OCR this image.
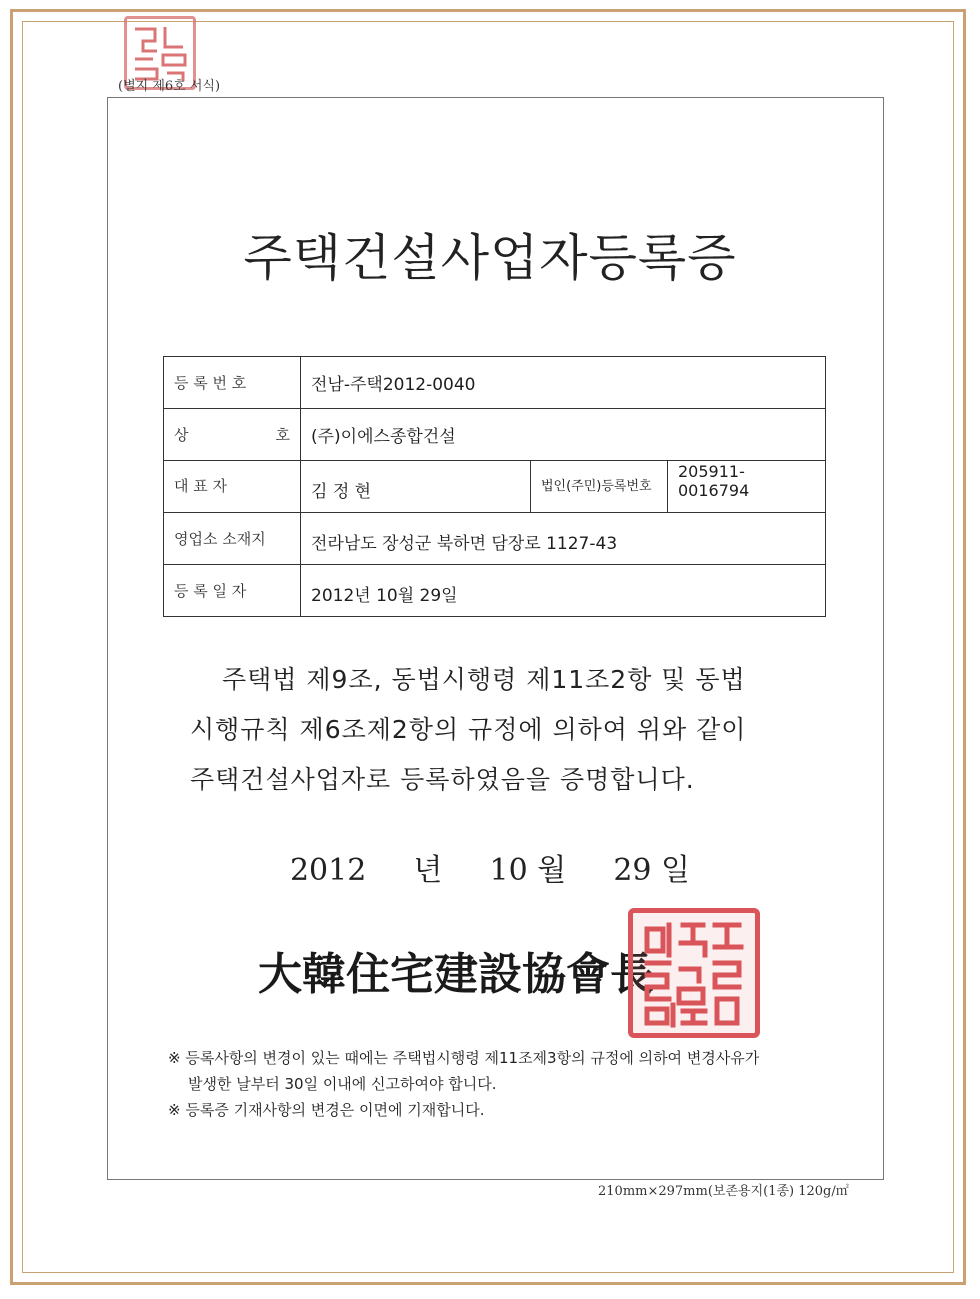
(별지 제6호 서식)
주택건설사업자등록증
등 록 번 호	전남-주택2012-0040		

상 호	(주)이에스종합건설		
대 표 자	김 정 현	법인(주민)등록번호	205911-0016794
영업소 소재지	전라남도 장성군 북하면 담장로 1127-43		
등 록 일 자	2012년 10월 29일		

주택법 제9조, 동법시행령 제11조2항 및 동법

시행규칙 제6조제2항의 규정에 의하여 위와 같이

주택건설사업자로 등록하였음을 증명합니다.

2012 년 10 월 29 일
大韓住宅建設協會長
※ 등록사항의 변경이 있는 때에는 주택법시행령 제11조제3항의 규정에 의하여 변경사유가
발생한 날부터 30일 이내에 신고하여야 합니다.
※ 등록증 기재사항의 변경은 이면에 기재합니다.
210mm×297mm(보존용지(1종) 120g/㎡
